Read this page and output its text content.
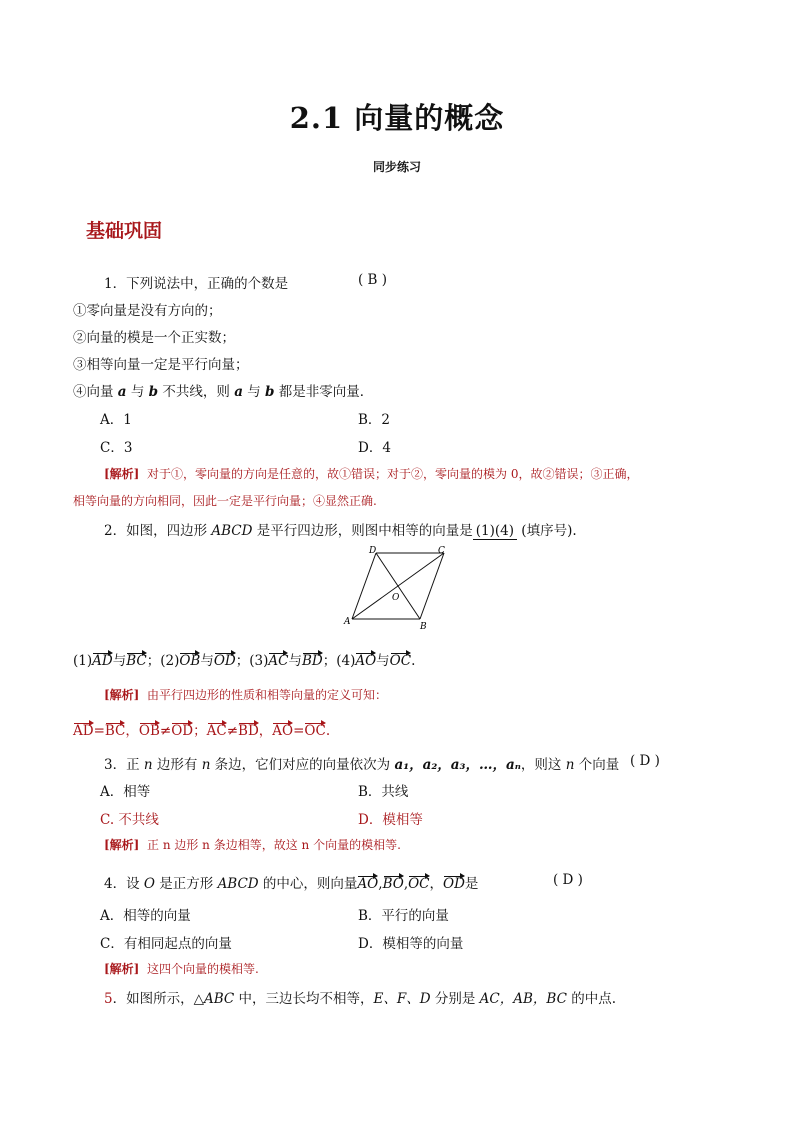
2.1 向量的概念
同步练习
基础巩固
1．下列说法中，正确的个数是	( B )
①零向量是没有方向的；
②向量的模是一个正实数；
③相等向量一定是平行向量；
④向量 a 与 b 不共线，则 a 与 b 都是非零向量．
A．1	B．2
C．3	D．4
[解析] 对于①，零向量的方向是任意的，故①错误；对于②，零向量的模为 0，故②错误；③正确，
相等向量的方向相同，因此一定是平行向量；④显然正确.
2．如图，四边形 ABCD 是平行四边形，则图中相等的向量是 (1)(4) (填序号).
D	C
A	B
O
(1)AD与BC；(2)OB与OD；(3)AC与BD；(4)AO与OC.
[解析] 由平行四边形的性质和相等向量的定义可知：
AD=BC，OB≠OD；AC≠BD，AO=OC.
3．正 n 边形有 n 条边，它们对应的向量依次为 a₁，a₂，a₃，…，aₙ，则这 n 个向量 ( D )
A．相等	B．共线
C. 不共线	D．模相等
[解析] 正 n 边形 n 条边相等，故这 n 个向量的模相等.
4．设 O 是正方形 ABCD 的中心，则向量AO,BO,OC，OD是	( D )
A．相等的向量	B．平行的向量
C．有相同起点的向量	D．模相等的向量
[解析] 这四个向量的模相等.
5．如图所示，△ABC 中，三边长均不相等，E、F、D 分别是 AC，AB，BC 的中点.
